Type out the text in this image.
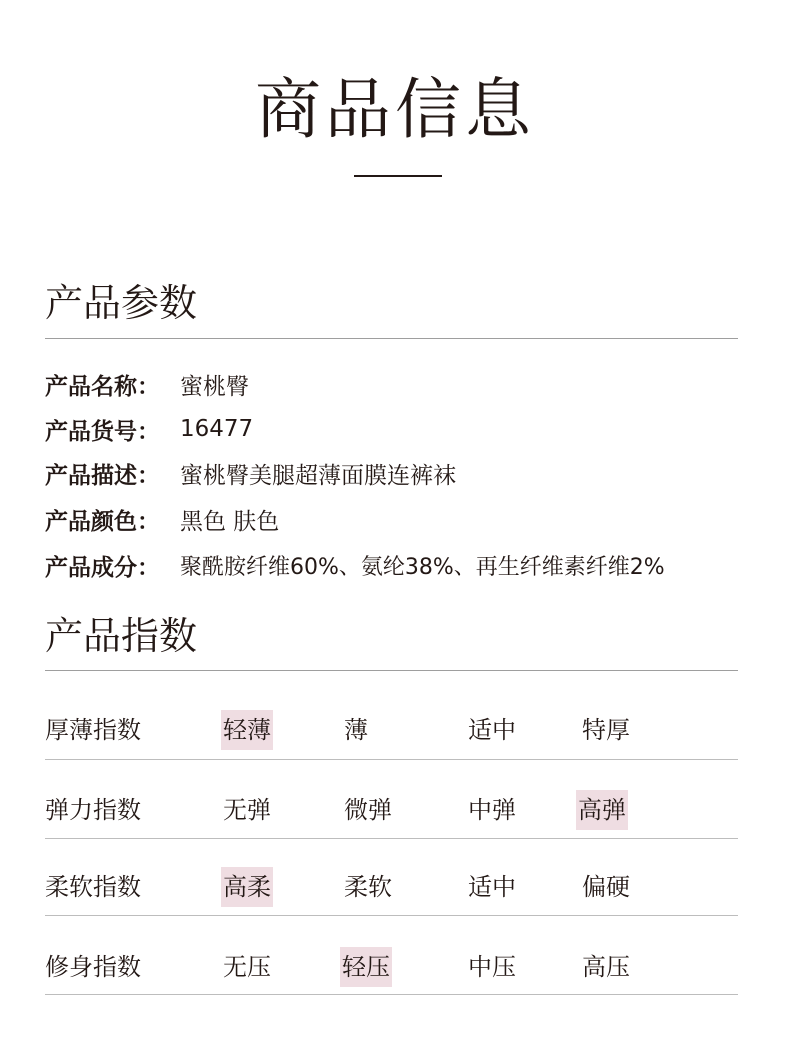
商品信息
产品参数
产品名称： 蜜桃臀
产品货号： 16477
产品描述： 蜜桃臀美腿超薄面膜连裤袜
产品颜色： 黑色 肤色
产品成分： 聚酰胺纤维60%、氨纶38%、再生纤维素纤维2%
产品指数
厚薄指数	轻薄	薄	适中	特厚
弹力指数	无弹	微弹	中弹	高弹
柔软指数	高柔	柔软	适中	偏硬
修身指数	无压	轻压	中压	高压
